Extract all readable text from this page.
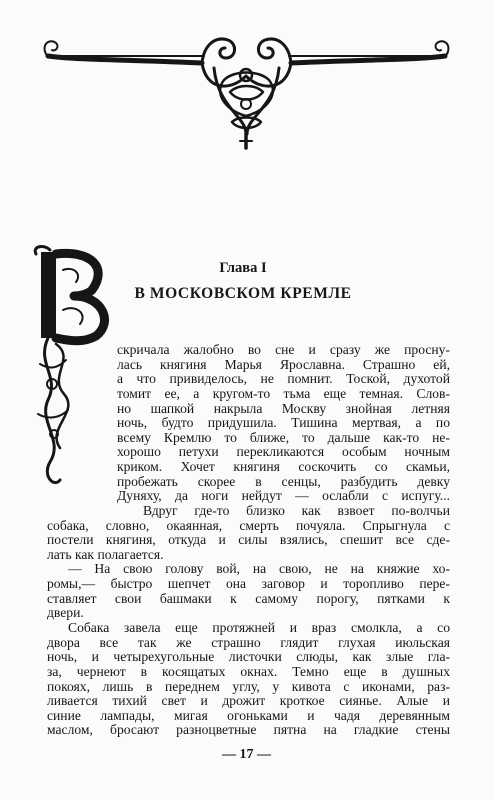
Глава I
В МОСКОВСКОМ КРЕМЛЕ
В
скричала жалобно во сне и сразу же просну-
лась княгиня Марья Ярославна. Страшно ей,
а что привиделось, не помнит. Тоской, духотой
томит ее, а кругом-то тьма еще темная. Слов-
но шапкой накрыла Москву знойная летняя
ночь, будто придушила. Тишина мертвая, а по
всему Кремлю то ближе, то дальше как-то не-
хорошо петухи перекликаются особым ночным
криком. Хочет княгиня соскочить со скамьи,
пробежать скорее в сенцы, разбудить девку
Дуняху, да ноги нейдут — ослабли с испугу...
Вдруг где-то близко как взвоет по-волчьи
собака, словно, окаянная, смерть почуяла. Спрыгнула с
постели княгиня, откуда и силы взялись, спешит все сде-
лать как полагается.
— На свою голову вой, на свою, не на княжие хо-
ромы,— быстро шепчет она заговор и торопливо пере-
ставляет свои башмаки к самому порогу, пятками к
двери.
Собака завела еще протяжней и враз смолкла, а со
— 17 —
двора все так же страшно глядит глухая июльская
ночь, и четырехугольные листочки слюды, как злые гла-
за, чернеют в косящатых окнах. Темно еще в душных
покоях, лишь в переднем углу, у кивота с иконами, раз-
ливается тихий свет и дрожит кроткое сиянье. Алые и
синие лампады, мигая огоньками и чадя деревянным
маслом, бросают разноцветные пятна на гладкие стены
